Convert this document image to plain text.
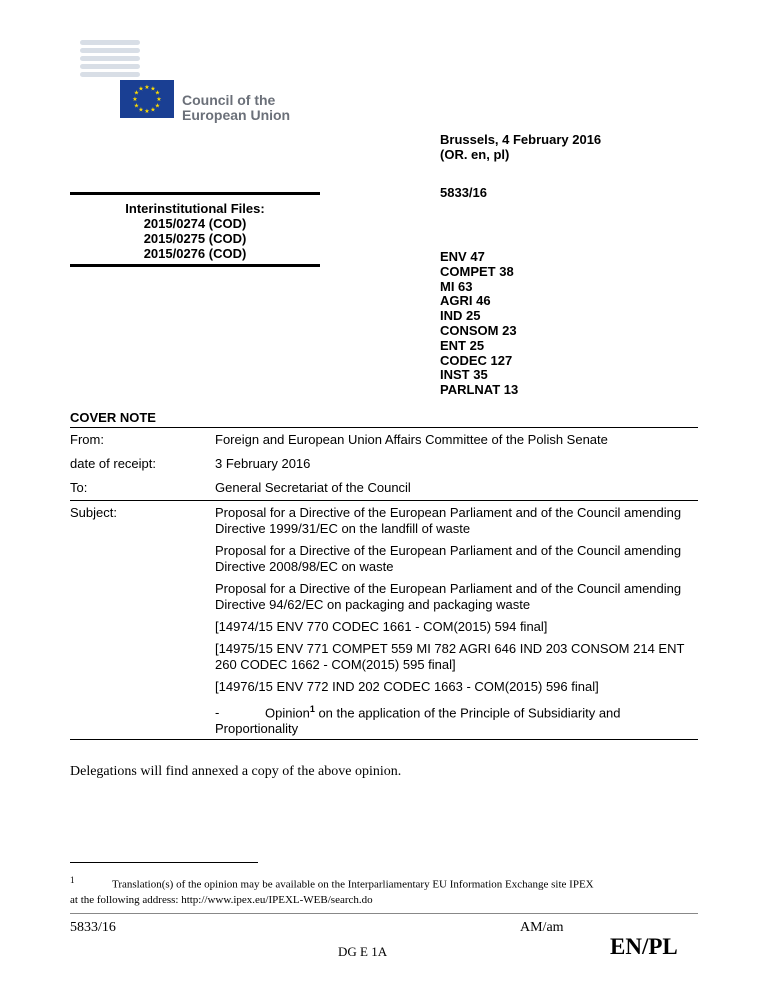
★ ★
★
★
★
★
★
★
★
★
★
★
Council of the
European Union
Brussels, 4 February 2016
(OR. en, pl)
5833/16
Interinstitutional Files:
2015/0274 (COD)
2015/0275 (COD)
2015/0276 (COD)	ENV 47
COMPET 38
MI 63
AGRI 46
IND 25
CONSOM 23
ENT 25
CODEC 127
INST 35
PARLNAT 13
COVER NOTE
From:	Foreign and European Union Affairs Committee of the Polish Senate
date of receipt:	3 February 2016
To:	General Secretariat of the Council
Subject:	Proposal for a Directive of the European Parliament and of the Council amending Directive 1999/31/EC on the landfill of waste

Proposal for a Directive of the European Parliament and of the Council amending Directive 2008/98/EC on waste

Proposal for a Directive of the European Parliament and of the Council amending Directive 94/62/EC on packaging and packaging waste

[14974/15 ENV 770 CODEC 1661 - COM(2015) 594 final]

[14975/15 ENV 771 COMPET 559 MI 782 AGRI 646 IND 203 CONSOM 214 ENT 260 CODEC 1662 - COM(2015) 595 final]

[14976/15 ENV 772 IND 202 CODEC 1663 - COM(2015) 596 final]

-	Opinion$^1$ on the application of the Principle of Subsidiarity and
Proportionality

Delegations will find annexed a copy of the above opinion.
$^1$	Translation(s) of the opinion may be available on the Interparliamentary EU Information Exchange site IPEX
at the following address: http://www.ipex.eu/IPEXL-WEB/search.do
5833/16	AM/am
DG E 1A	EN/PL
